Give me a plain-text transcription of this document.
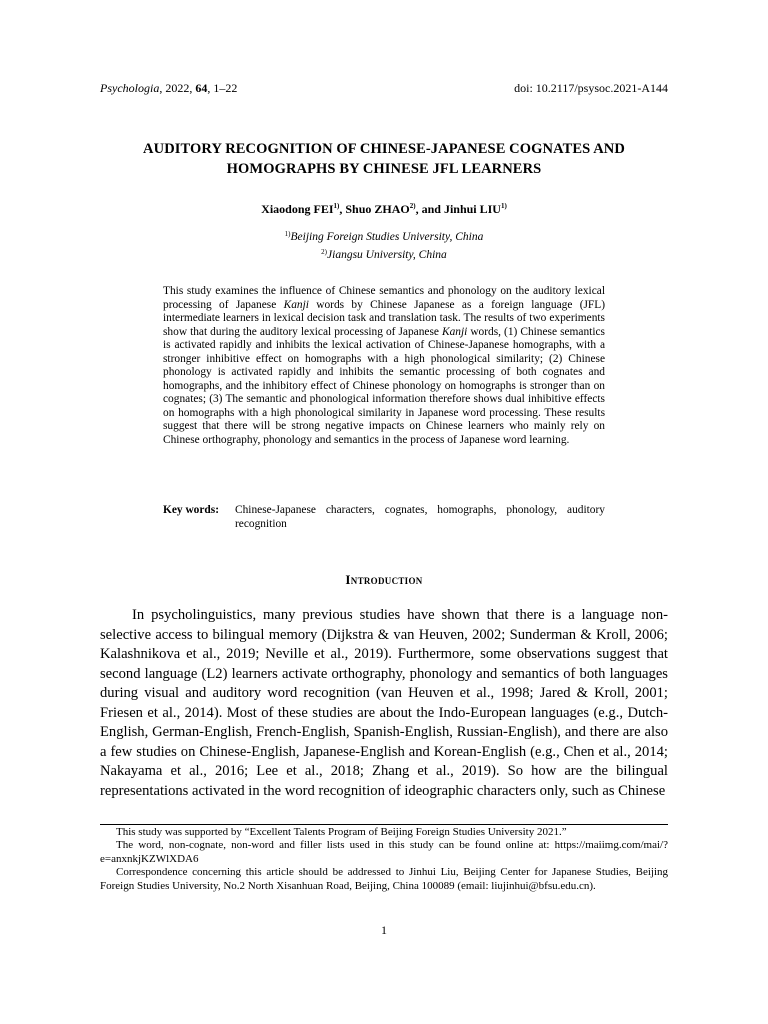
Psychologia, 2022, 64, 1–22	doi: 10.2117/psysoc.2021-A144
AUDITORY RECOGNITION OF CHINESE-JAPANESE COGNATES AND
HOMOGRAPHS BY CHINESE JFL LEARNERS
Xiaodong FEI$^{1)}$, Shuo ZHAO$^{2)}$, and Jinhui LIU$^{1)}$
$^{1)}$Beijing Foreign Studies University, China
$^{2)}$Jiangsu University, China
This study examines the influence of Chinese semantics and phonology on the auditory lexical processing of Japanese Kanji words by Chinese Japanese as a foreign language (JFL) intermediate learners in lexical decision task and translation task. The results of two experiments show that during the auditory lexical processing of Japanese Kanji words, (1) Chinese semantics is activated rapidly and inhibits the lexical activation of Chinese-Japanese homographs, with a stronger inhibitive effect on homographs with a high phonological similarity; (2) Chinese phonology is activated rapidly and inhibits the semantic processing of both cognates and homographs, and the inhibitory effect of Chinese phonology on homographs is stronger than on cognates; (3) The semantic and phonological information therefore shows dual inhibitive effects on homographs with a high phonological similarity in Japanese word processing. These results suggest that there will be strong negative impacts on Chinese learners who mainly rely on Chinese orthography, phonology and semantics in the process of Japanese word learning.
Key words:	Chinese-Japanese characters, cognates, homographs, phonology, auditory recognition
Introduction
In psycholinguistics, many previous studies have shown that there is a language non-selective access to bilingual memory (Dijkstra & van Heuven, 2002; Sunderman & Kroll, 2006; Kalashnikova et al., 2019; Neville et al., 2019). Furthermore, some observations suggest that second language (L2) learners activate orthography, phonology and semantics of both languages during visual and auditory word recognition (van Heuven et al., 1998; Jared & Kroll, 2001; Friesen et al., 2014). Most of these studies are about the Indo-European languages (e.g., Dutch-English, German-English, French-English, Spanish-English, Russian-English), and there are also a few studies on Chinese-English, Japanese-English and Korean-English (e.g., Chen et al., 2014; Nakayama et al., 2016; Lee et al., 2018; Zhang et al., 2019). So how are the bilingual representations activated in the word recognition of ideographic characters only, such as Chinese

This study was supported by “Excellent Talents Program of Beijing Foreign Studies University 2021.”

The word, non-cognate, non-word and filler lists used in this study can be found online at: https://maiimg.com/mai/?e=anxnkjKZWlXDA6

Correspondence concerning this article should be addressed to Jinhui Liu, Beijing Center for Japanese Studies, Beijing Foreign Studies University, No.2 North Xisanhuan Road, Beijing, China 100089 (email: liujinhui@bfsu.edu.cn).

1
